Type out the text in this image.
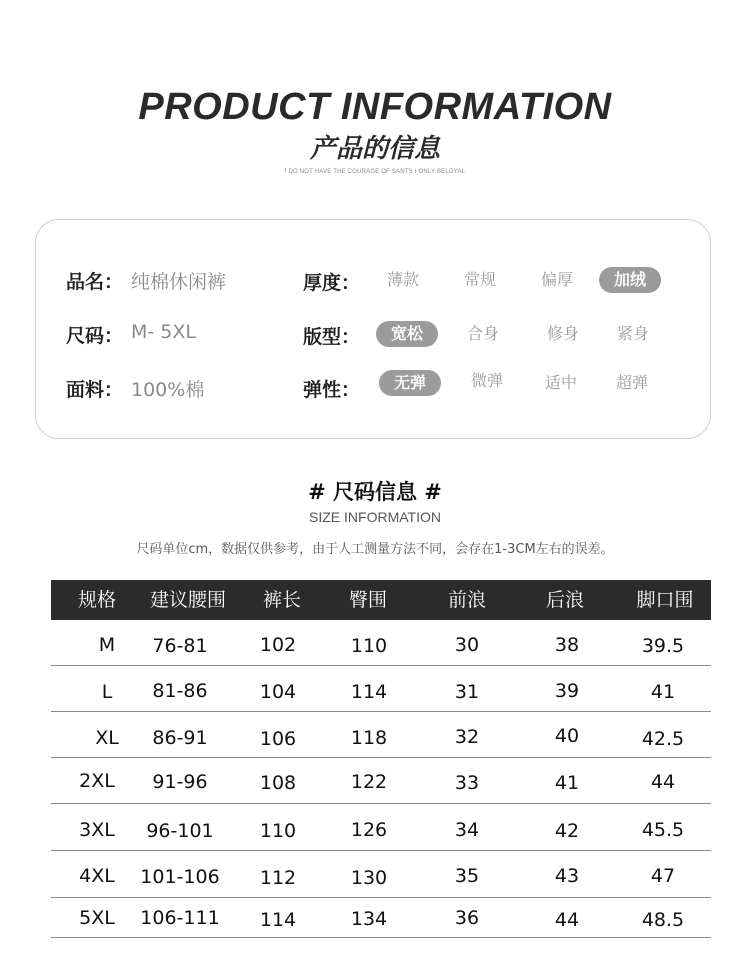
PRODUCT INFORMATION
产品的信息
I DO NOT HAVE THE COURAGE OF SANTS I ONLY BELOYAL
品名： 纯棉休闲裤
尺码： M- 5XL
面料： 100%棉
厚度：	薄款	常规	偏厚	加绒
版型：	宽松	合身	修身	紧身
弹性：	无弹	微弹	适中	超弹
# 尺码信息 #
SIZE INFORMATION
尺码单位cm，数据仅供参考，由于人工测量方法不同，会存在1-3CM左右的误差。
规格	建议腰围	裤长	臀围	前浪	后浪	脚口围
M	76-81	102	110	30	38	39.5
L	81-86	104	114	31	39	41
XL	86-91	106	118	32	40	42.5
2XL	91-96	108	122	33	41	44
3XL	96-101	110	126	34	42	45.5
4XL	101-106	112	130	35	43	47
5XL	106-111	114	134	36	44	48.5
